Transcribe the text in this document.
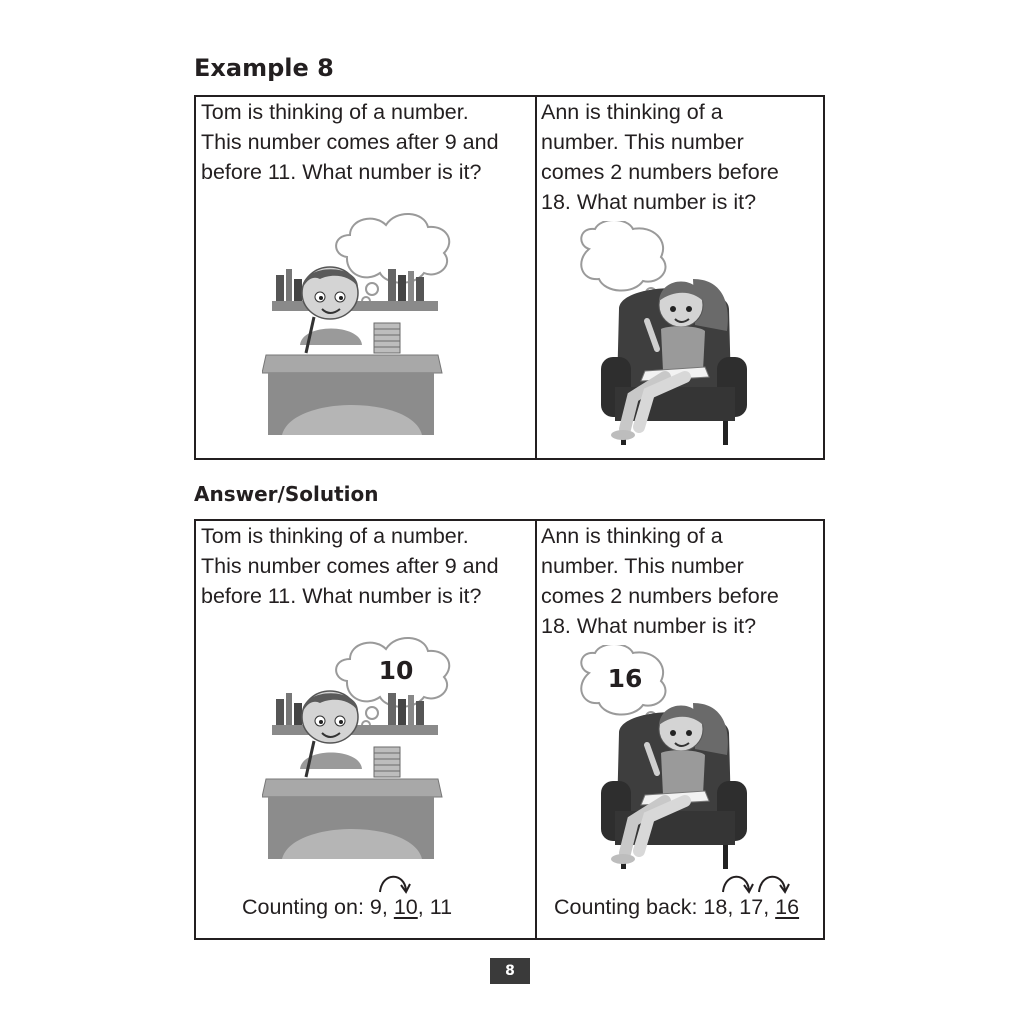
Example 8

Tom is thinking of a number.
This number comes after 9 and
before 11. What number is it?

Ann is thinking of a
number. This number
comes 2 numbers before
18. What number is it?

Answer/Solution

Tom is thinking of a number.
This number comes after 9 and
before 11. What number is it?

10

Counting on: 9,
10, 11

Ann is thinking of a
number. This number
comes 2 numbers before
18. What number is it?

16

Counting back: 18,
17,
16

8
